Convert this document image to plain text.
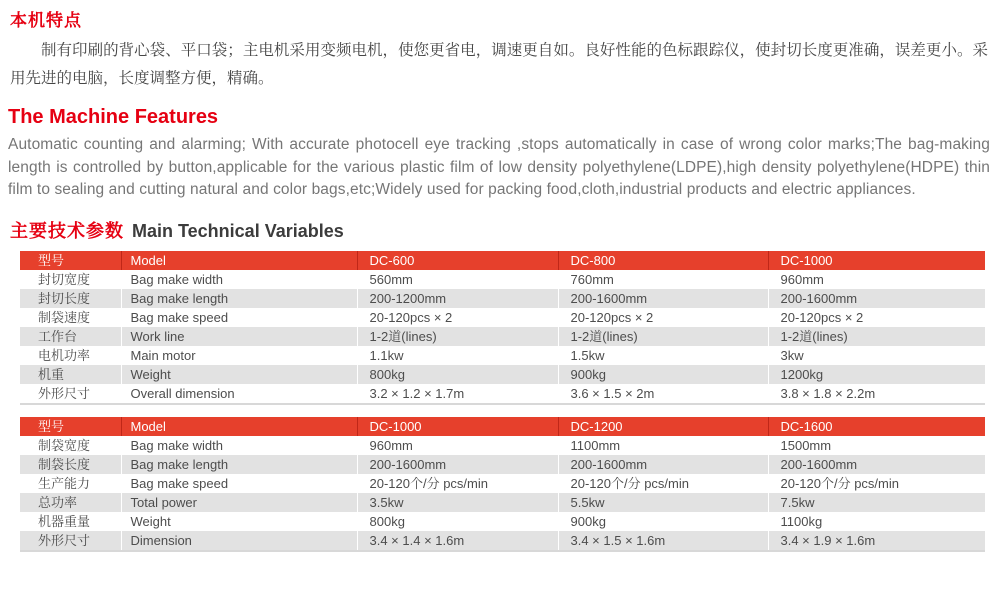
本机特点

制有印刷的背心袋、平口袋；主电机采用变频电机，使您更省电，调速更自如。良好性能的色标跟踪仪，使封切长度更准确，误差更小。采用先进的电脑，长度调整方便，精确。

The Machine Features

Automatic counting and alarming; With accurate photocell eye tracking ,stops automatically in case of wrong color marks;The bag-making length is controlled by button,applicable for the various plastic film of low density polyethylene(LDPE),high density polyethylene(HDPE) thin film to sealing and cutting natural and color bags,etc;Widely used for packing food,cloth,industrial products and electric appliances.

主要技术参数 Main Technical Variables
型号	Model	DC-600	DC-800	DC-1000
封切宽度	Bag make width	560mm	760mm	960mm
封切长度	Bag make length	200-1200mm	200-1600mm	200-1600mm
制袋速度	Bag make speed	20-120pcs × 2	20-120pcs × 2	20-120pcs × 2
工作台	Work line	1-2道(lines)	1-2道(lines)	1-2道(lines)
电机功率	Main motor	1.1kw	1.5kw	3kw
机重	Weight	800kg	900kg	1200kg
外形尺寸	Overall dimension	3.2 × 1.2 × 1.7m	3.6 × 1.5 × 2m	3.8 × 1.8 × 2.2m
型号	Model	DC-1000	DC-1200	DC-1600
制袋宽度	Bag make width	960mm	1100mm	1500mm
制袋长度	Bag make length	200-1600mm	200-1600mm	200-1600mm
生产能力	Bag make speed	20-120个/分 pcs/min	20-120个/分 pcs/min	20-120个/分 pcs/min
总功率	Total power	3.5kw	5.5kw	7.5kw
机器重量	Weight	800kg	900kg	1100kg
外形尺寸	Dimension	3.4 × 1.4 × 1.6m	3.4 × 1.5 × 1.6m	3.4 × 1.9 × 1.6m
